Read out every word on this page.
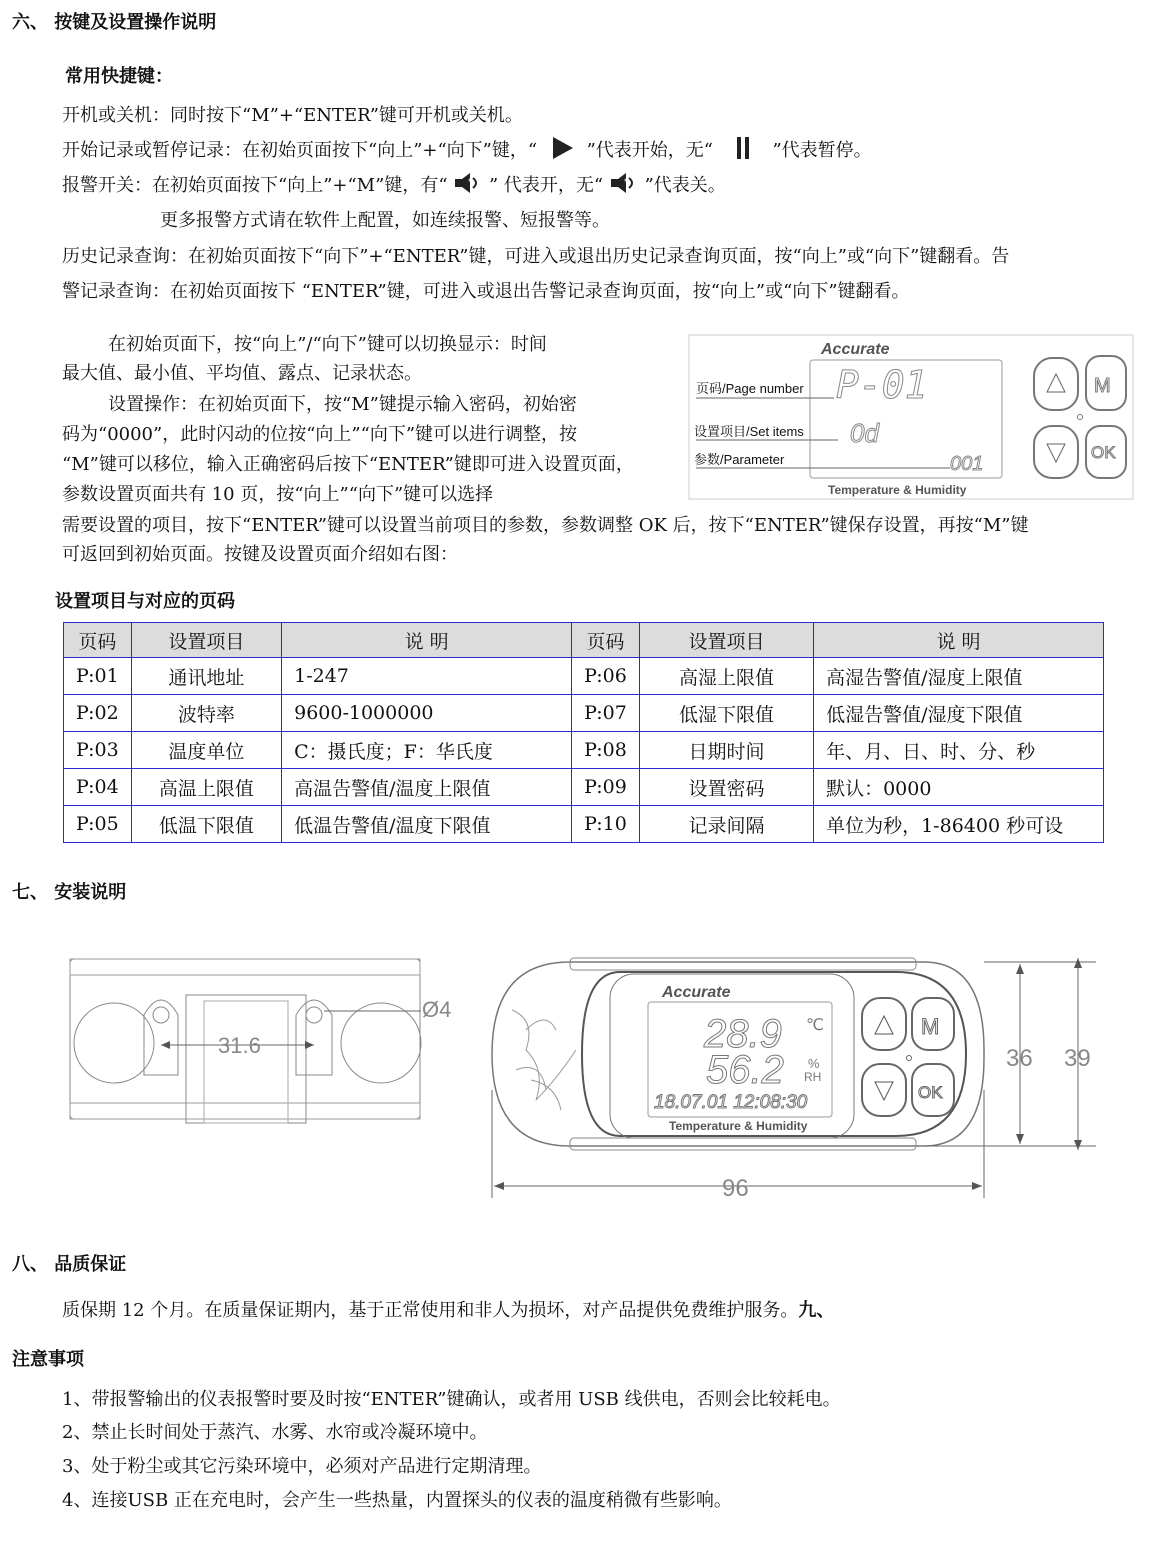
六、 按键及设置操作说明
常用快捷键：
开机或关机：同时按下“M”+“ENTER”键可开机或关机。
开始记录或暂停记录：在初始页面按下“向上”+“向下”键，“	”代表开始，无“	”代表暂停。
报警开关：在初始页面按下“向上”+“M”键，有“ * ” 代表开，无“ * ”代表关。
更多报警方式请在软件上配置，如连续报警、短报警等。
历史记录查询：在初始页面按下“向下”+“ENTER”键，可进入或退出历史记录查询页面，按“向上”或“向下”键翻看。告
警记录查询：在初始页面按下 “ENTER”键，可进入或退出告警记录查询页面，按“向上”或“向下”键翻看。
在初始页面下，按“向上”/“向下”键可以切换显示：时间
最大值、最小值、平均值、露点、记录状态。
设置操作：在初始页面下，按“M”键提示输入密码，初始密
码为“0000”，此时闪动的位按“向上”“向下”键可以进行调整，按
“M”键可以移位，输入正确密码后按下“ENTER”键即可进入设置页面，
参数设置页面共有 10 页，按“向上”“向下”键可以选择
需要设置的项目，按下“ENTER”键可以设置当前项目的参数，参数调整 OK 后，按下“ENTER”键保存设置，再按“M”键
可返回到初始页面。按键及设置页面介绍如右图：
Accurate
页码/Page number
设置项目/Set items
参数/Parameter
P-01
0d
001
Temperature & Humidity
M
OK
设置项目与对应的页码
页码	设置项目	说 明	页码	设置项目	说 明
P:01	通讯地址	1-247	P:06	高湿上限值	高湿告警值/湿度上限值
P:02	波特率	9600-1000000	P:07	低湿下限值	低湿告警值/湿度下限值
P:03	温度单位	C：摄氏度；F：华氏度	P:08	日期时间	年、月、日、时、分、秒
P:04	高温上限值	高温告警值/温度上限值	P:09	设置密码	默认：0000
P:05	低温下限值	低温告警值/温度下限值	P:10	记录间隔	单位为秒，1-86400 秒可设
七、 安装说明
31.6
Ø4
Accurate
28.9 ℃
56.2 %
RH
18.07.01 12:08:30
Temperature & Humidity
M
OK
36 39
96
八、 品质保证
质保期 12 个月。在质量保证期内，基于正常使用和非人为损坏，对产品提供免费维护服务。九、
注意事项
1、带报警输出的仪表报警时要及时按“ENTER”键确认，或者用 USB 线供电，否则会比较耗电。
2、禁止长时间处于蒸汽、水雾、水帘或冷凝环境中。
3、处于粉尘或其它污染环境中，必须对产品进行定期清理。
4、连接USB 正在充电时，会产生一些热量，内置探头的仪表的温度稍微有些影响。
